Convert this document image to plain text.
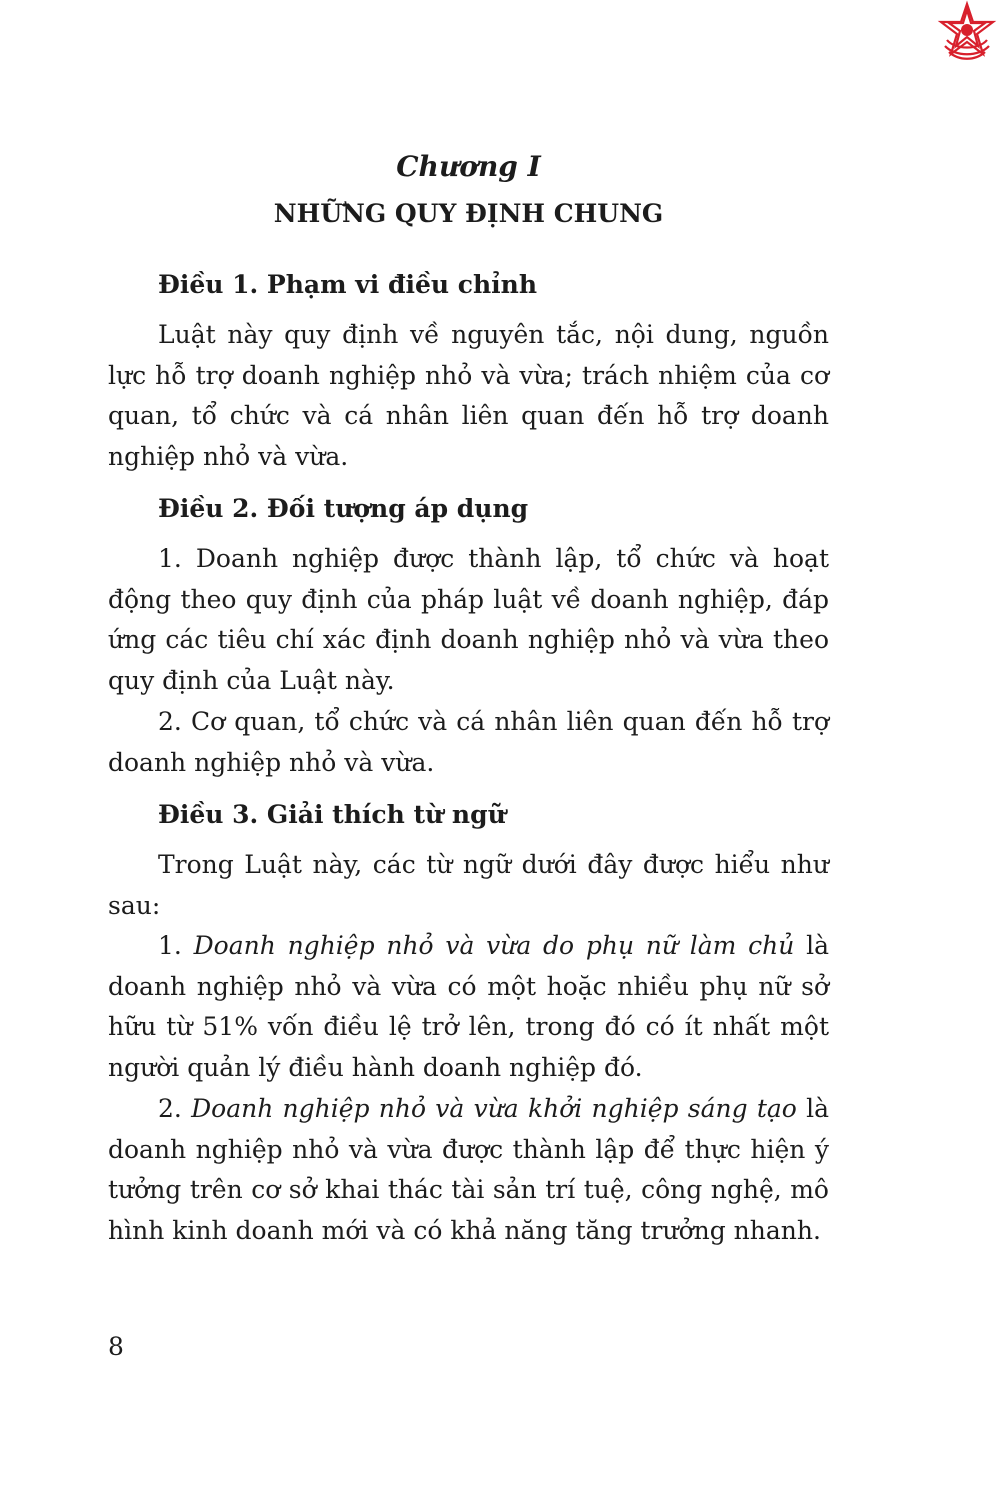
Chương I
NHỮNG QUY ĐỊNH CHUNG
Điều 1. Phạm vi điều chỉnh

Luật này quy định về nguyên tắc, nội dung, nguồn lực hỗ trợ doanh nghiệp nhỏ và vừa; trách nhiệm của cơ quan, tổ chức và cá nhân liên quan đến hỗ trợ doanh nghiệp nhỏ và vừa.

Điều 2. Đối tượng áp dụng

1. Doanh nghiệp được thành lập, tổ chức và hoạt động theo quy định của pháp luật về doanh nghiệp, đáp ứng các tiêu chí xác định doanh nghiệp nhỏ và vừa theo quy định của Luật này.

2. Cơ quan, tổ chức và cá nhân liên quan đến hỗ trợ doanh nghiệp nhỏ và vừa.

Điều 3. Giải thích từ ngữ

Trong Luật này, các từ ngữ dưới đây được hiểu như sau:

1. Doanh nghiệp nhỏ và vừa do phụ nữ làm chủ là doanh nghiệp nhỏ và vừa có một hoặc nhiều phụ nữ sở hữu từ 51% vốn điều lệ trở lên, trong đó có ít nhất một người quản lý điều hành doanh nghiệp đó.

2. Doanh nghiệp nhỏ và vừa khởi nghiệp sáng tạo là doanh nghiệp nhỏ và vừa được thành lập để thực hiện ý tưởng trên cơ sở khai thác tài sản trí tuệ, công nghệ, mô hình kinh doanh mới và có khả năng tăng trưởng nhanh.

8
